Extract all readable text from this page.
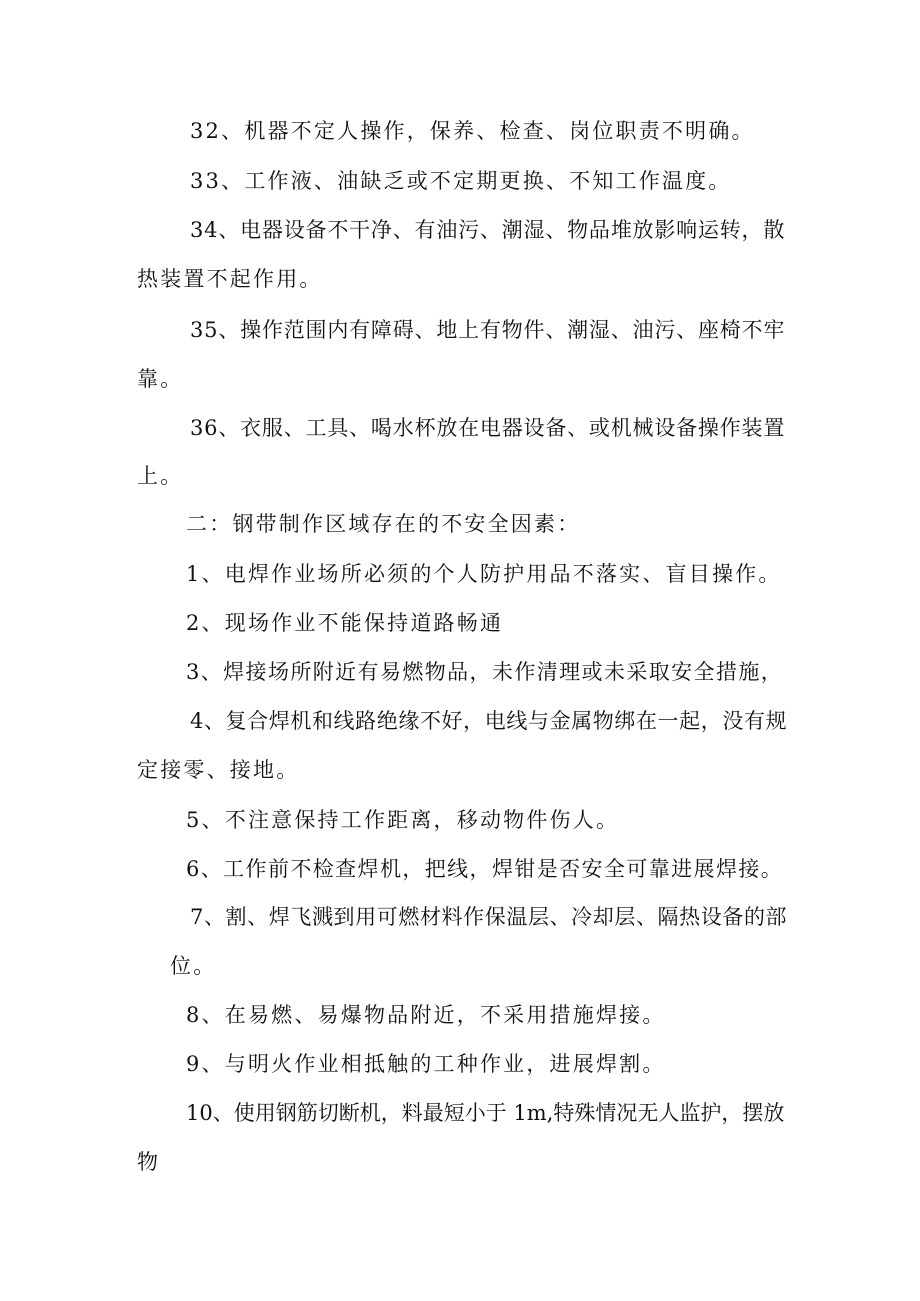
32、机器不定人操作，保养、检查、岗位职责不明确。
33、工作液、油缺乏或不定期更换、不知工作温度。
34、电器设备不干净、有油污、潮湿、物品堆放影响运转，散
热装置不起作用。
35、操作范围内有障碍、地上有物件、潮湿、油污、座椅不牢
靠。
36、衣服、工具、喝水杯放在电器设备、或机械设备操作装置
上。
二：钢带制作区域存在的不安全因素：
1、电焊作业场所必须的个人防护用品不落实、盲目操作。
2、现场作业不能保持道路畅通
3、焊接场所附近有易燃物品，未作清理或未采取安全措施，
4、复合焊机和线路绝缘不好，电线与金属物绑在一起，没有规
定接零、接地。
5、不注意保持工作距离，移动物件伤人。
6、工作前不检查焊机，把线，焊钳是否安全可靠进展焊接。
7、割、焊飞溅到用可燃材料作保温层、冷却层、隔热设备的部
位。
8、在易燃、易爆物品附近，不采用措施焊接。
9、与明火作业相抵触的工种作业，进展焊割。
10、使用钢筋切断机，料最短小于 1m,特殊情况无人监护，摆放
物
